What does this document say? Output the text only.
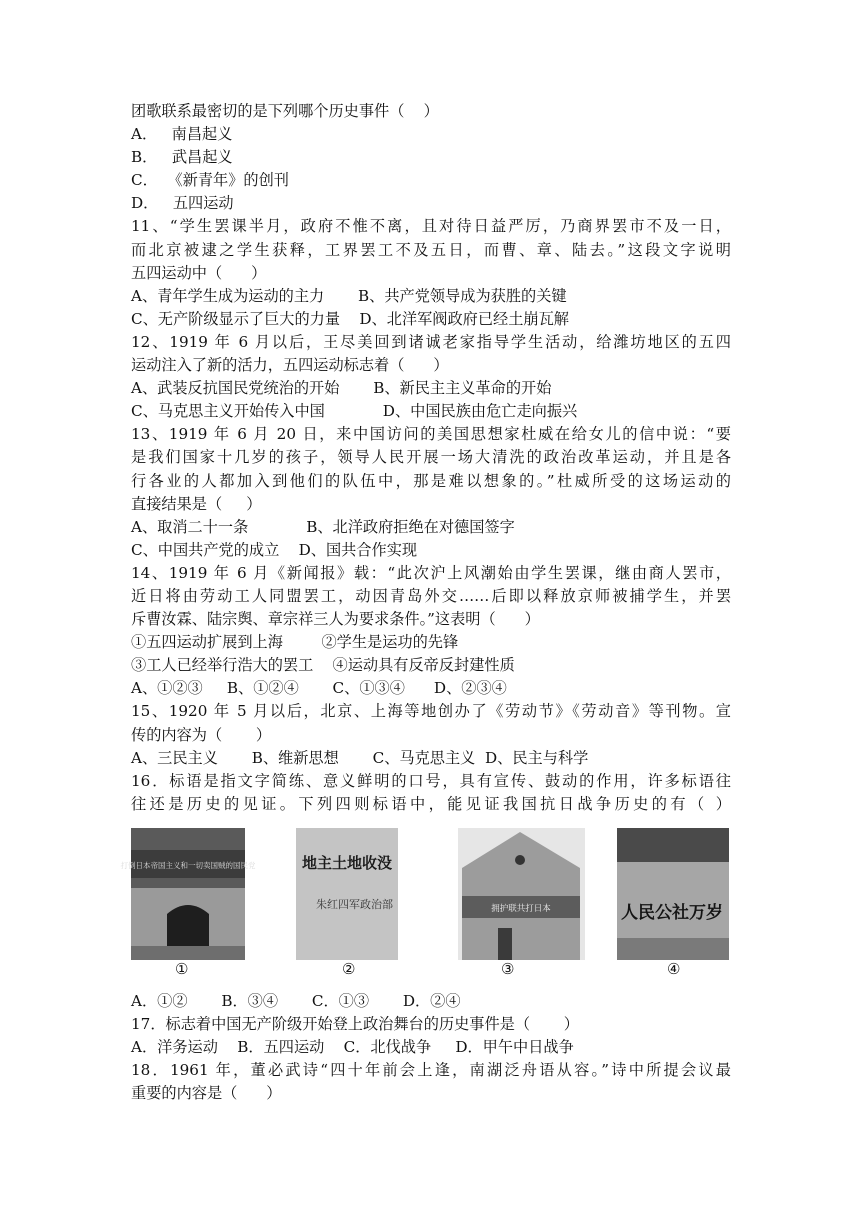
团歌联系最密切的是下列哪个历史事件（    ）
A．   南昌起义
B．   武昌起义
C．  《新青年》的创刊
D．   五四运动
11、“学生罢课半月，政府不惟不离，且对待日益严厉，乃商界罢市不及一日，
而北京被逮之学生获释，工界罢工不及五日，而曹、章、陆去。”这段文字说明
五四运动中（      ）
A、青年学生成为运动的主力       B、共产党领导成为获胜的关键
C、无产阶级显示了巨大的力量    D、北洋军阀政府已经土崩瓦解
12、1919 年 6 月以后，王尽美回到诸诚老家指导学生活动，给潍坊地区的五四
运动注入了新的活力，五四运动标志着（      ）
A、武装反抗国民党统治的开始       B、新民主主义革命的开始
C、马克思主义开始传入中国            D、中国民族由危亡走向振兴
13、1919 年 6 月 20 日，来中国访问的美国思想家杜威在给女儿的信中说：“要
是我们国家十几岁的孩子，领导人民开展一场大清洗的政治改革运动，并且是各
行各业的人都加入到他们的队伍中，那是难以想象的。”杜威所受的这场运动的
直接结果是（     ）
A、取消二十一条            B、北洋政府拒绝在对德国签字
C、中国共产党的成立    D、国共合作实现
14、1919 年 6 月《新闻报》载：“此次沪上风潮始由学生罢课，继由商人罢市，
近日将由劳动工人同盟罢工，动因青岛外交……后即以释放京师被捕学生，并罢
斥曹汝霖、陆宗舆、章宗祥三人为要求条件。”这表明（      ）
①五四运动扩展到上海        ②学生是运功的先锋
③工人已经举行浩大的罢工    ④运动具有反帝反封建性质
A、①②③     B、①②④       C、①③④      D、②③④
15、1920 年 5 月以后，北京、上海等地创办了《劳动节》《劳动音》等刊物。宣
传的内容为（       ）
A、三民主义       B、维新思想       C、马克思主义  D、民主与科学
16．标语是指文字简练、意义鲜明的口号，具有宣传、鼓动的作用，许多标语往
往还是历史的见证。下列四则标语中，能见证我国抗日战争历史的有（ ）
打倒日本帝国主义和一切卖国贼的国民党	地主土地收没
朱红四军政治部	拥护联共打日本	人民公社万岁
①	②	③	④
A．①②       B．③④       C．①③       D．②④
17．标志着中国无产阶级开始登上政治舞台的历史事件是（       ）
A．洋务运动    B．五四运动    C．北伐战争     D．甲午中日战争
18．1961 年，董必武诗“四十年前会上逢，南湖泛舟语从容。”诗中所提会议最
重要的内容是（      ）
